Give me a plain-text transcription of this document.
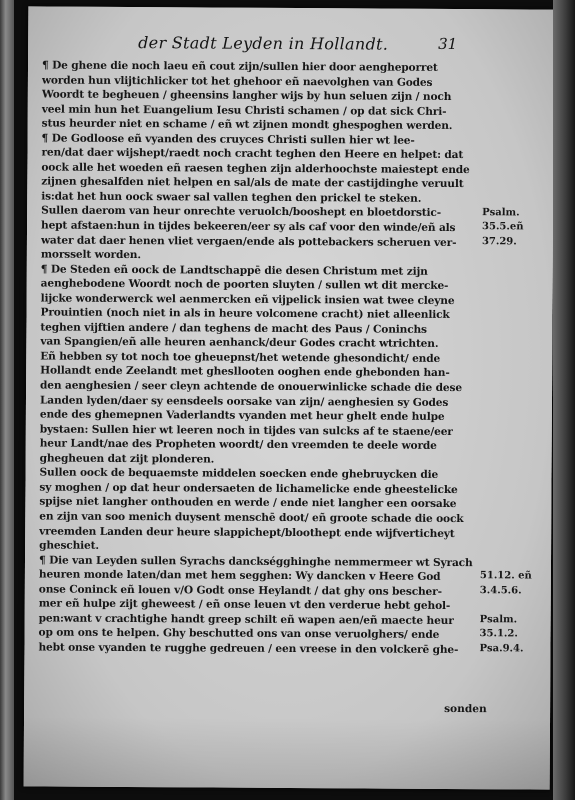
der Stadt Leyden in Hollandt.	31
¶ De ghene die noch laeu eñ cout zijn/sullen hier door aengheporret
worden hun vlijtichlicker tot het ghehoor eñ naevolghen van Godes
Woordt te begheuen / gheensins langher wijs by hun seluen zijn / noch
veel min hun het Euangelium Iesu Christi schamen / op dat sick Chri-
stus heurder niet en schame / eñ wt zijnen mondt ghespoghen werden.
¶ De Godloose eñ vyanden des cruyces Christi sullen hier wt lee-
ren/dat daer wijshept/raedt noch cracht teghen den Heere en helpet: dat
oock alle het woeden eñ raesen teghen zijn alderhoochste maiestept ende
zijnen ghesalfden niet helpen en sal/als de mate der castijdinghe veruult
is:dat het hun oock swaer sal vallen teghen den prickel te steken.
Sullen daerom van heur onrechte veruolch/booshept en bloetdorstic-
hept afstaen:hun in tijdes bekeeren/eer sy als caf voor den winde/eñ als
water dat daer henen vliet vergaen/ende als pottebackers scheruen ver-
morsselt worden.
¶ De Steden eñ oock de Landtschappē die desen Christum met zijn
aenghebodene Woordt noch de poorten sluyten / sullen wt dit mercke-
lijcke wonderwerck wel aenmercken eñ vijpelick insien wat twee cleyne
Prouintien (noch niet in als in heure volcomene cracht) niet alleenlick
teghen vijftien andere / dan teghens de macht des Paus / Coninchs
van Spangien/eñ alle heuren aenhanck/deur Godes cracht wtrichten.
Eñ hebben sy tot noch toe gheuepnst/het wetende ghesondicht/ ende
Hollandt ende Zeelandt met ghesllooten ooghen ende ghebonden han-
den aenghesien / seer cleyn achtende de onouerwinlicke schade die dese
Landen lyden/daer sy eensdeels oorsake van zijn/ aenghesien sy Godes
ende des ghemepnen Vaderlandts vyanden met heur ghelt ende hulpe
bystaen: Sullen hier wt leeren noch in tijdes van sulcks af te staene/eer
heur Landt/nae des Propheten woordt/ den vreemden te deele worde
ghegheuen dat zijt plonderen.
Sullen oock de bequaemste middelen soecken ende ghebruycken die
sy moghen / op dat heur ondersaeten de lichamelicke ende gheestelicke
spijse niet langher onthouden en werde / ende niet langher een oorsake
en zijn van soo menich duysent menschē doot/ eñ groote schade die oock
vreemden Landen deur heure slappichept/bloothept ende wijfverticheyt
gheschiet.
¶ Die van Leyden sullen Syrachs danckségghinghe nemmermeer wt Syrach
heuren monde laten/dan met hem segghen: Wy dancken v Heere God
onse Coninck eñ louen v/O Godt onse Heylandt / dat ghy ons bescher-
mer eñ hulpe zijt gheweest / eñ onse leuen vt den verderue hebt gehol-
pen:want v crachtighe handt greep schilt eñ wapen aen/eñ maecte heur
op om ons te helpen. Ghy beschutted ons van onse veruolghers/ ende
hebt onse vyanden te rugghe gedreuen / een vreese in den volckerē ghe-
Psalm.
35.5.eñ
37.29.
51.12. eñ
3.4.5.6.
Psalm.
35.1.2.
Psa.9.4.
sonden
